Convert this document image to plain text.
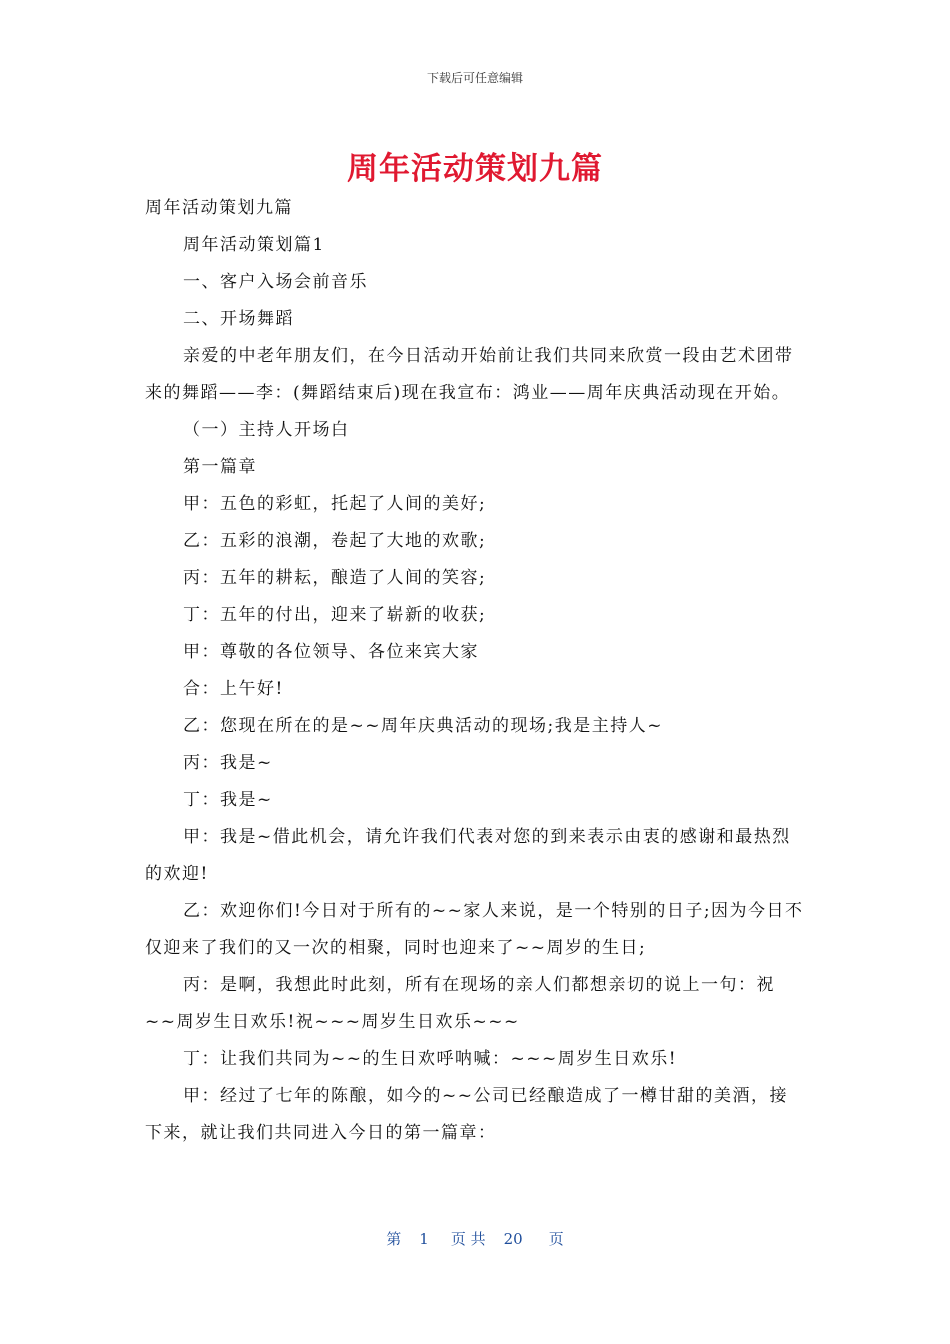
下载后可任意编辑
周年活动策划九篇

周年活动策划九篇

周年活动策划篇1

一、客户入场会前音乐

二、开场舞蹈

亲爱的中老年朋友们，在今日活动开始前让我们共同来欣赏一段由艺术团带来的舞蹈——李：(舞蹈结束后)现在我宣布：鸿业——周年庆典活动现在开始。

（一）主持人开场白

第一篇章

甲：五色的彩虹，托起了人间的美好;

乙：五彩的浪潮，卷起了大地的欢歌;

丙：五年的耕耘，酿造了人间的笑容;

丁：五年的付出，迎来了崭新的收获;

甲：尊敬的各位领导、各位来宾大家

合：上午好!

乙：您现在所在的是~~周年庆典活动的现场;我是主持人~

丙：我是~

丁：我是~

甲：我是~借此机会，请允许我们代表对您的到来表示由衷的感谢和最热烈的欢迎!

乙：欢迎你们!今日对于所有的~~家人来说，是一个特别的日子;因为今日不仅迎来了我们的又一次的相聚，同时也迎来了~~周岁的生日;

丙：是啊，我想此时此刻，所有在现场的亲人们都想亲切的说上一句：祝~~周岁生日欢乐!祝~~~周岁生日欢乐~~~

丁：让我们共同为~~的生日欢呼呐喊：~~~周岁生日欢乐!

甲：经过了七年的陈酿，如今的~~公司已经酿造成了一樽甘甜的美酒，接下来，就让我们共同进入今日的第一篇章：

第 1 页 共 20 页
